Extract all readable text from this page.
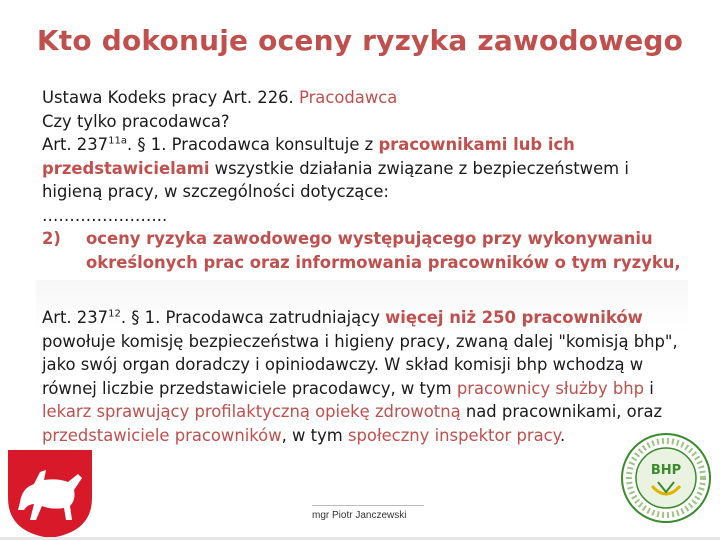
Kto dokonuje oceny ryzyka zawodowego
Ustawa Kodeks pracy Art. 226. Pracodawca
Czy tylko pracodawca?
Art. $237^{11a}$. § 1. Pracodawca konsultuje z pracownikami lub ich
przedstawicielami wszystkie działania związane z bezpieczeństwem i
higieną pracy, w szczególności dotyczące:
…………………..
2)	oceny ryzyka zawodowego występującego przy wykonywaniu określonych prac oraz informowania pracowników o tym ryzyku,
Art. $237^{12}$. § 1. Pracodawca zatrudniający więcej niż 250 pracowników powołuje komisję bezpieczeństwa i higieny pracy, zwaną dalej "komisją bhp", jako swój organ doradczy i opiniodawczy. W skład komisji bhp wchodzą w równej liczbie przedstawiciele pracodawcy, w tym pracownicy służby bhp i lekarz sprawujący profilaktyczną opiekę zdrowotną nad pracownikami, oraz przedstawiciele pracowników, w tym społeczny inspektor pracy.
BHP
mgr Piotr Janczewski
